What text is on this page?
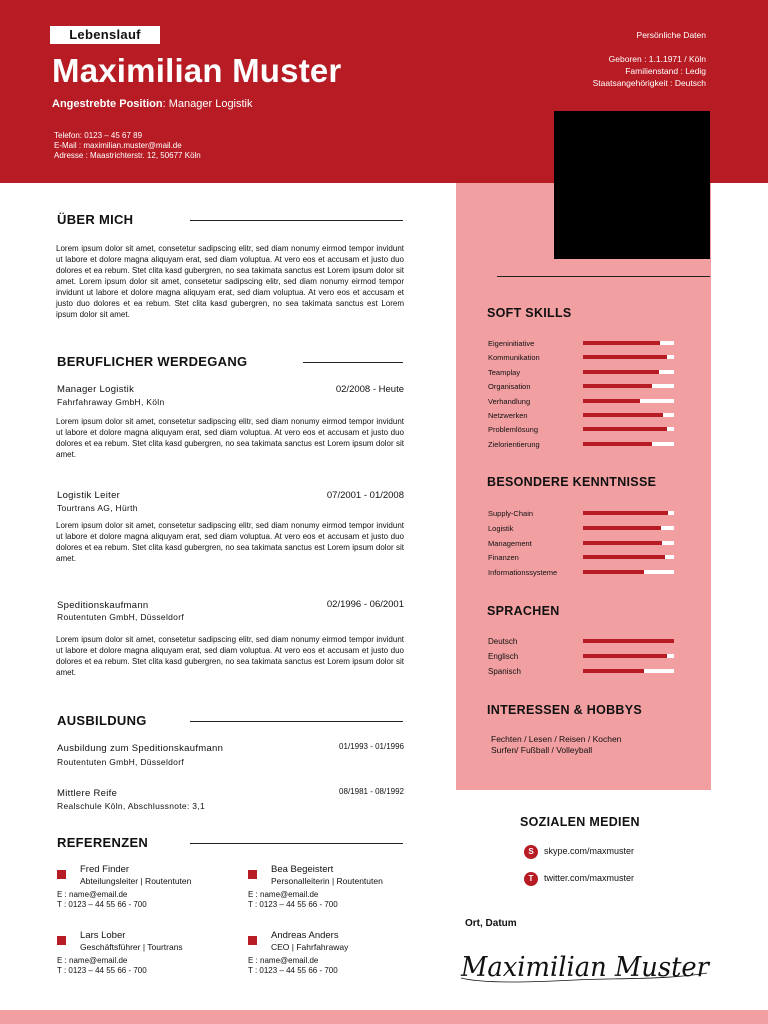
Lebenslauf
Maximilian Muster
Angestrebte Position: Manager Logistik
Telefon: 0123 – 45 67 89
E-Mail : maximilian.muster@mail.de
Adresse : Maastrichterstr. 12, 50677 Köln
Persönliche Daten
Geboren : 1.1.1971 / Köln
Familienstand : Ledig
Staatsangehörigkeit : Deutsch
ÜBER MICH
Lorem ipsum dolor sit amet, consetetur sadipscing elitr, sed diam nonumy eirmod tempor invidunt ut labore et dolore magna aliquyam erat, sed diam voluptua. At vero eos et accusam et justo duo dolores et ea rebum. Stet clita kasd gubergren, no sea takimata sanctus est Lorem ipsum dolor sit amet. Lorem ipsum dolor sit amet, consetetur sadipscing elitr, sed diam nonumy eirmod tempor invidunt ut labore et dolore magna aliquyam erat, sed diam voluptua. At vero eos et accusam et justo duo dolores et ea rebum. Stet clita kasd gubergren, no sea takimata sanctus est Lorem ipsum dolor sit amet.
BERUFLICHER WERDEGANG
Manager Logistik	02/2008 - Heute
Fahrfahraway GmbH, Köln
Lorem ipsum dolor sit amet, consetetur sadipscing elitr, sed diam nonumy eirmod tempor invidunt ut labore et dolore magna aliquyam erat, sed diam voluptua. At vero eos et accusam et justo duo dolores et ea rebum. Stet clita kasd gubergren, no sea takimata sanctus est Lorem ipsum dolor sit amet.
Logistik Leiter	07/2001 - 01/2008
Tourtrans AG, Hürth
Lorem ipsum dolor sit amet, consetetur sadipscing elitr, sed diam nonumy eirmod tempor invidunt ut labore et dolore magna aliquyam erat, sed diam voluptua. At vero eos et accusam et justo duo dolores et ea rebum. Stet clita kasd gubergren, no sea takimata sanctus est Lorem ipsum dolor sit amet.
Speditionskaufmann	02/1996 - 06/2001
Routentuten GmbH, Düsseldorf
Lorem ipsum dolor sit amet, consetetur sadipscing elitr, sed diam nonumy eirmod tempor invidunt ut labore et dolore magna aliquyam erat, sed diam voluptua. At vero eos et accusam et justo duo dolores et ea rebum. Stet clita kasd gubergren, no sea takimata sanctus est Lorem ipsum dolor sit amet.
AUSBILDUNG
Ausbildung zum Speditionskaufmann	01/1993 - 01/1996
Routentuten GmbH, Düsseldorf
Mittlere Reife	08/1981 - 08/1992
Realschule Köln, Abschlussnote: 3,1
REFERENZEN
Fred Finder
Abteilungsleiter | Routentuten
E : name@email.de
T : 0123 – 44 55 66 - 700
Bea Begeistert
Personalleiterin | Routentuten
E : name@email.de
T : 0123 – 44 55 66 - 700
Lars Lober
Geschäftsführer | Tourtrans
E : name@email.de
T : 0123 – 44 55 66 - 700
Andreas Anders
CEO | Fahrfahraway
E : name@email.de
T : 0123 – 44 55 66 - 700
SOFT SKILLS
Eigeninitiative
Kommunikation
Teamplay
Organisation
Verhandlung
Netzwerken
Problemlösung
Zielorientierung
BESONDERE KENNTNISSE
Supply-Chain
Logistik
Management
Finanzen
Informationssysteme
SPRACHEN
Deutsch
Englisch
Spanisch
INTERESSEN & HOBBYS
Fechten / Lesen / Reisen / Kochen
Surfen/ Fußball / Volleyball
SOZIALEN MEDIEN
S	skype.com/maxmuster
T	twitter.com/maxmuster
Ort, Datum
Maximilian Muster
